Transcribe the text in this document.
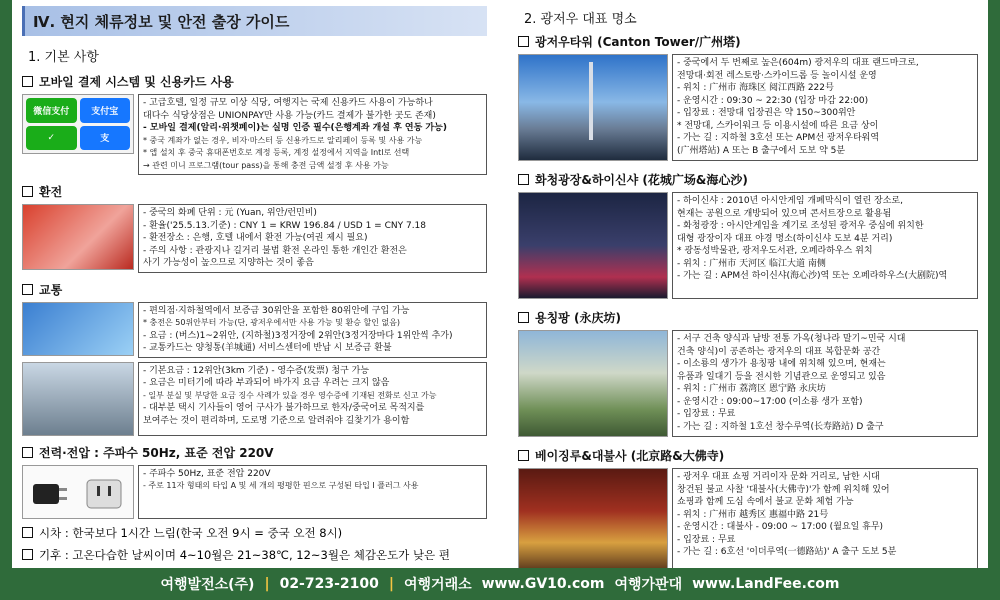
Ⅳ. 현지 체류정보 및 안전 출장 가이드
1. 기본 사항
모바일 결제 시스템 및 신용카드 사용
微信支付	支付宝
✓	支

- 고급호텔, 일정 규모 이상 식당, 여행지는 국제 신용카드 사용이 가능하나

대다수 식당상점은 UNIONPAY만 사용 가능(카드 결제가 불가한 곳도 존재)

- 모바일 결제(알리·위챗페이)는 실명 인증 필수(은행계좌 개설 후 연동 가능)

* 중국 계좌가 없는 경우, 비자·마스터 등 신용카드로 알리페이 등록 및 사용 가능

* 앱 설치 후 중국 휴대폰번호로 계정 등록, 계정 설정에서 지역을 Intl로 선택

→ 관련 미니 프로그램(tour pass)을 통해 충전 금액 설정 후 사용 가능

환전

- 중국의 화폐 단위 : 元 (Yuan, 위안/런민비)

- 환율('25.5.13.기준) : CNY 1 = KRW 196.84 / USD 1 = CNY 7.18

- 환전장소 : 은행, 호텔 내에서 환전 가능(여권 제시 필요)

- 주의 사항 : 관광지나 길거리 불법 환전 온라인 통한 개인간 환전은

사기 가능성이 높으므로 지양하는 것이 좋음

교통

- 편의점·지하철역에서 보증금 30위안을 포함한 80위안에 구입 가능

* 충전은 50위안부터 가능(단, 광저우에서만 사용 가능 및 환승 할인 없음)

- 요금 : (버스)1~2위안, (지하철)3정거장에 2위안(3정거장마다 1위안씩 추가)

- 교통카드는 양청통(羊城通) 서비스센터에 반납 시 보증금 환불

- 기본요금 : 12위안(3km 기준) - 영수증(发票) 청구 가능

- 요금은 미터기에 따라 부과되어 바가지 요금 우려는 크지 않음

- 일부 분실 및 부당한 요금 징수 사례가 있을 경우 영수증에 기재된 전화로 신고 가능

- 대부분 택시 기사들이 영어 구사가 불가하므로 한자/중국어로 목적지를

보여주는 것이 편리하며, 도로명 기준으로 알려줘야 길찾기가 용이함

전력·전압 : 주파수 50Hz, 표준 전압 220V

- 주파수 50Hz, 표준 전압 220V

- 주로 11자 형태의 타입 A 및 세 개의 평평한 핀으로 구성된 타입 I 플러그 사용

시차 : 한국보다 1시간 느림(한국 오전 9시 = 중국 오전 8시)
기후 : 고온다습한 날씨이며 4~10월은 21~38℃, 12~3월은 체감온도가 낮은 편
2. 광저우 대표 명소
광저우타워 (Canton Tower/广州塔)

- 중국에서 두 번째로 높은(604m) 광저우의 대표 랜드마크로,

전망대·회전 레스토랑·스카이드롭 등 놀이시설 운영

- 위치 : 广州市 海珠区 阅江西路 222号

- 운영시간 : 09:30 ~ 22:30 (입장 마감 22:00)

- 입장료 : 전망대 입장권은 약 150~300위안

* 전망대, 스카이워크 등 이용시설에 따른 요금 상이

- 가는 길 : 지하철 3호선 또는 APM선 광저우타워역

(广州塔站) A 또는 B 출구에서 도보 약 5분

화청광장&하이신샤 (花城广场&海心沙)

- 하이신샤 : 2010년 아시안게임 개폐막식이 열린 장소로,

현재는 공원으로 개방되어 있으며 콘서트장으로 활용됨

- 화청광장 : 아시안게임을 계기로 조성된 광저우 중심에 위치한

대형 광장이자 대표 야경 명소(하이신샤 도보 4분 거리)

* 광동성박물관, 광저우도서관, 오페라하우스 위치

- 위치 : 广州市 天河区 临江大道 南侧

- 가는 길 : APM선 하이신샤(海心沙)역 또는 오페라하우스(大剧院)역

용칭팡 (永庆坊)

- 서구 건축 양식과 남방 전통 가옥(청나라 말기~민국 시대

건축 양식)이 공존하는 광저우의 대표 복합문화 공간

- 이소룡의 생가가 용칭팡 내에 위치해 있으며, 현재는

유품과 일대기 등을 전시한 기념관으로 운영되고 있음

- 위치 : 广州市 荔湾区 恩宁路 永庆坊

- 운영시간 : 09:00~17:00 (이소룡 생가 포함)

- 입장료 : 무료

- 가는 길 : 지하철 1호선 창수루역(长寿路站) D 출구

베이징루&대불사 (北京路&大佛寺)

- 광저우 대표 쇼핑 거리이자 문화 거리로, 남한 시대

창건된 불교 사찰 '대불사(大佛寺)'가 함께 위치해 있어

쇼핑과 함께 도심 속에서 불교 문화 체험 가능

- 위치 : 广州市 越秀区 惠福中路 21号

- 운영시간 : 대불사 - 09:00 ~ 17:00 (월요일 휴무)

- 입장료 : 무료

- 가는 길 : 6호선 '이더루역(一德路站)' A 출구 도보 5분

여행발전소(주) | 02-723-2100 | 여행거래소 www.GV10.com 여행가판대 www.LandFee.com
